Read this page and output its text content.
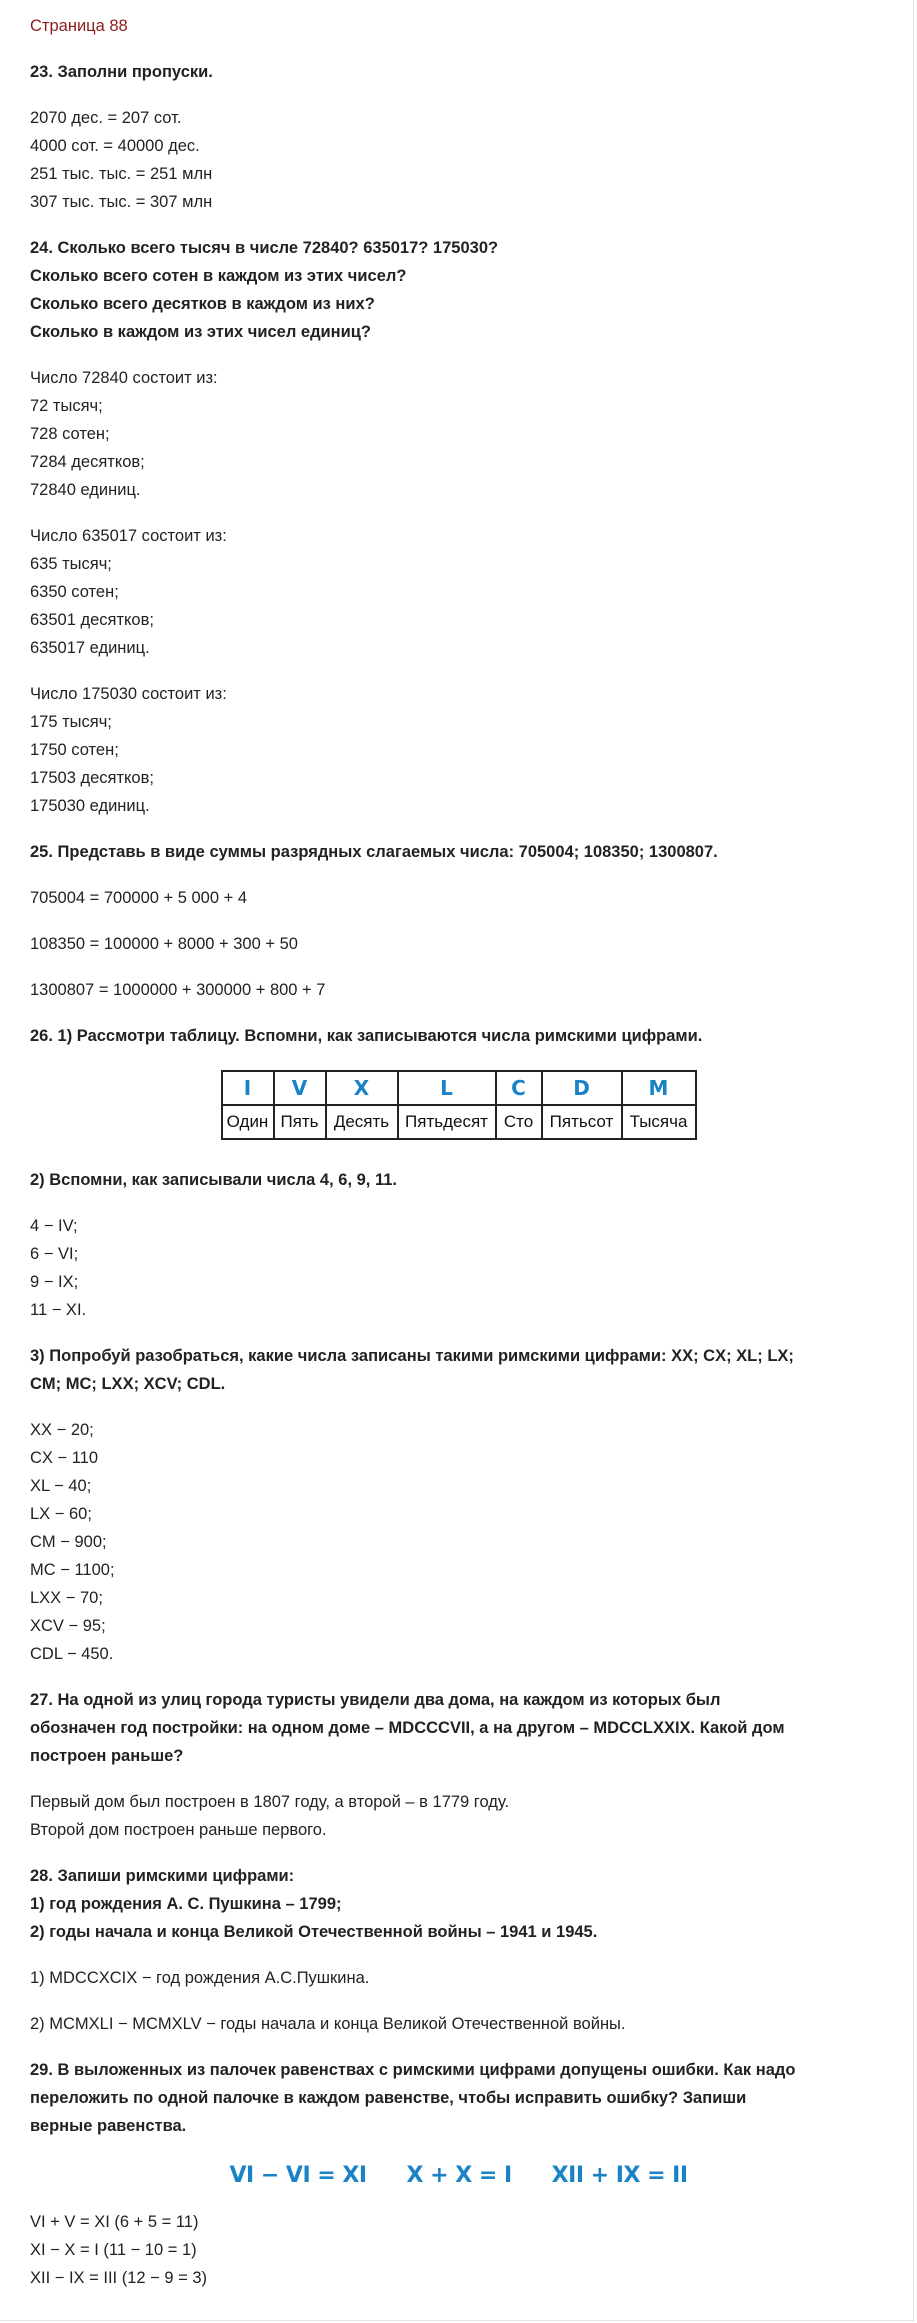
Страница 88
23. Заполни пропуски.
2070 дес. = 207 сот.
4000 сот. = 40000 дес.
251 тыс. тыс. = 251 млн
307 тыс. тыс. = 307 млн
24. Сколько всего тысяч в числе 72840? 635017? 175030?
Сколько всего сотен в каждом из этих чисел?
Сколько всего десятков в каждом из них?
Сколько в каждом из этих чисел единиц?
Число 72840 состоит из:
72 тысяч;
728 сотен;
7284 десятков;
72840 единиц.
Число 635017 состоит из:
635 тысяч;
6350 сотен;
63501 десятков;
635017 единиц.
Число 175030 состоит из:
175 тысяч;
1750 сотен;
17503 десятков;
175030 единиц.
25. Представь в виде суммы разрядных слагаемых числа: 705004; 108350; 1300807.
705004 = 700000 + 5 000 + 4
108350 = 100000 + 8000 + 300 + 50
1300807 = 1000000 + 300000 + 800 + 7
26. 1) Рассмотри таблицу. Вспомни, как записываются числа римскими цифрами.
I	V	X	L	C	D	M
Один	Пять	Десять	Пятьдесят	Сто	Пятьсот	Тысяча
2) Вспомни, как записывали числа 4, 6, 9, 11.
4 − IV;
6 − VI;
9 − IX;
11 − XI.
3) Попробуй разобраться, какие числа записаны такими римскими цифрами: XX; CX; XL; LX;
CM; MC; LXX; XCV; CDL.
XX − 20;
CX − 110
XL − 40;
LX − 60;
CM − 900;
MC − 1100;
LXX − 70;
XCV − 95;
CDL − 450.
27. На одной из улиц города туристы увидели два дома, на каждом из которых был
обозначен год постройки: на одном доме – MDCCCVII, а на другом – MDCCLXXIX. Какой дом
построен раньше?
Первый дом был построен в 1807 году, а второй – в 1779 году.
Второй дом построен раньше первого.
28. Запиши римскими цифрами:
1) год рождения А. С. Пушкина – 1799;
2) годы начала и конца Великой Отечественной войны – 1941 и 1945.
1) MDCCXCIX − год рождения А.С.Пушкина.
2) MCMXLI − MCMXLV − годы начала и конца Великой Отечественной войны.
29. В выложенных из палочек равенствах с римскими цифрами допущены ошибки. Как надо
переложить по одной палочке в каждом равенстве, чтобы исправить ошибку? Запиши
верные равенства.
VI − VI = XI X + X = I XII + IX = II
VI + V = XI (6 + 5 = 11)
XI − X = I (11 − 10 = 1)
XII − IX = III (12 − 9 = 3)
